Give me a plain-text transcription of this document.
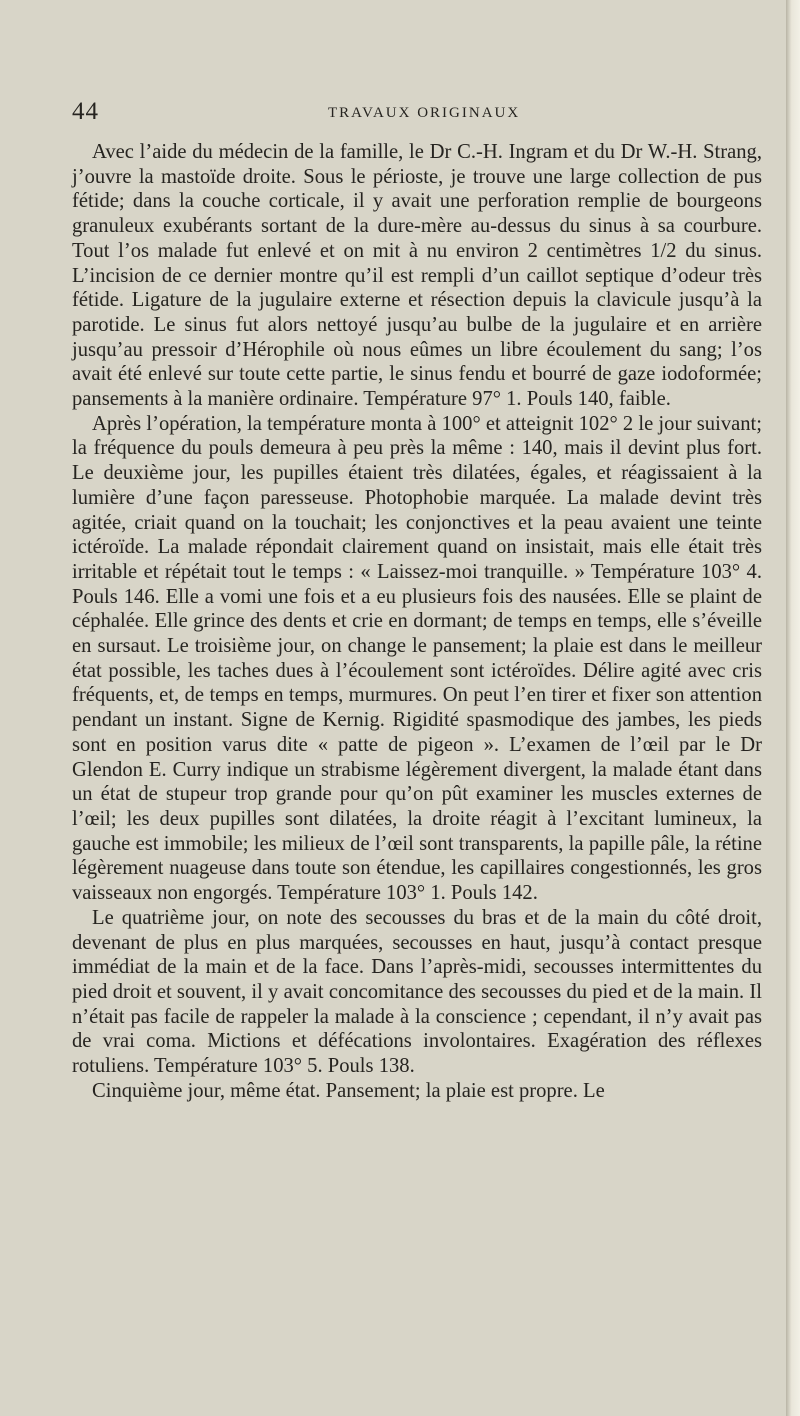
44	TRAVAUX ORIGINAUX

Avec l’aide du médecin de la famille, le Dr C.-H. Ingram et du Dr W.-H. Strang, j’ouvre la mastoïde droite. Sous le périoste, je trouve une large collection de pus fétide; dans la couche corticale, il y avait une perforation remplie de bourgeons granuleux exubérants sortant de la dure-mère au-dessus du sinus à sa courbure. Tout l’os malade fut enlevé et on mit à nu environ 2 centimètres 1/2 du sinus. L’incision de ce dernier montre qu’il est rempli d’un caillot septique d’odeur très fétide. Ligature de la jugulaire externe et résection depuis la clavicule jusqu’à la parotide. Le sinus fut alors nettoyé jusqu’au bulbe de la jugulaire et en arrière jusqu’au pressoir d’Hérophile où nous eûmes un libre écoulement du sang; l’os avait été enlevé sur toute cette partie, le sinus fendu et bourré de gaze iodoformée; pansements à la manière ordinaire. Température 97° 1. Pouls 140, faible.

Après l’opération, la température monta à 100° et atteignit 102° 2 le jour suivant; la fréquence du pouls demeura à peu près la même : 140, mais il devint plus fort. Le deuxième jour, les pupilles étaient très dilatées, égales, et réagissaient à la lumière d’une façon paresseuse. Photophobie marquée. La malade devint très agitée, criait quand on la touchait; les conjonctives et la peau avaient une teinte ictéroïde. La malade répondait clairement quand on insistait, mais elle était très irritable et répétait tout le temps : « Laissez-moi tranquille. » Température 103° 4. Pouls 146. Elle a vomi une fois et a eu plusieurs fois des nausées. Elle se plaint de céphalée. Elle grince des dents et crie en dormant; de temps en temps, elle s’éveille en sursaut. Le troisième jour, on change le pansement; la plaie est dans le meilleur état possible, les taches dues à l’écoulement sont ictéroïdes. Délire agité avec cris fréquents, et, de temps en temps, murmures. On peut l’en tirer et fixer son attention pendant un instant. Signe de Kernig. Rigidité spasmodique des jambes, les pieds sont en position varus dite « patte de pigeon ». L’examen de l’œil par le Dr Glendon E. Curry indique un strabisme légèrement divergent, la malade étant dans un état de stupeur trop grande pour qu’on pût examiner les muscles externes de l’œil; les deux pupilles sont dilatées, la droite réagit à l’excitant lumineux, la gauche est immobile; les milieux de l’œil sont transparents, la papille pâle, la rétine légèrement nuageuse dans toute son étendue, les capillaires congestionnés, les gros vaisseaux non engorgés. Température 103° 1. Pouls 142.

Le quatrième jour, on note des secousses du bras et de la main du côté droit, devenant de plus en plus marquées, secousses en haut, jusqu’à contact presque immédiat de la main et de la face. Dans l’après-midi, secousses intermittentes du pied droit et souvent, il y avait concomitance des secousses du pied et de la main. Il n’était pas facile de rappeler la malade à la conscience ; cependant, il n’y avait pas de vrai coma. Mictions et défécations involontaires. Exagération des réflexes rotuliens. Température 103° 5. Pouls 138.

Cinquième jour, même état. Pansement; la plaie est propre. Le
